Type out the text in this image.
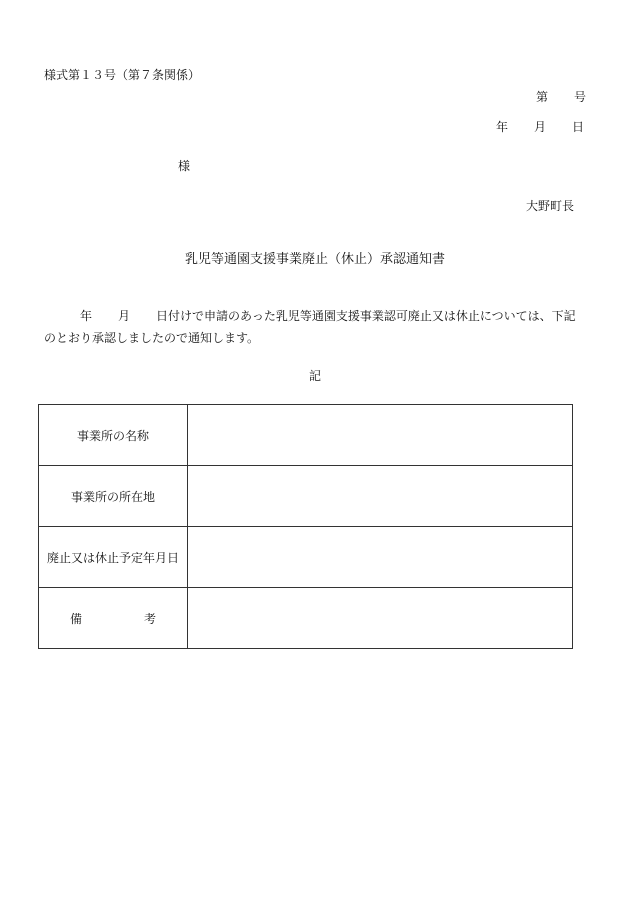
様式第１３号（第７条関係）
第 号
年 月 日
様
大野町長
乳児等通園支援事業廃止（休止）承認通知書
年 月 日付けで申請のあった乳児等通園支援事業認可廃止又は休止については、下記
のとおり承認しましたので通知します。
記
事業所の名称	
事業所の所在地	
廃止又は休止予定年月日	
備 考	
